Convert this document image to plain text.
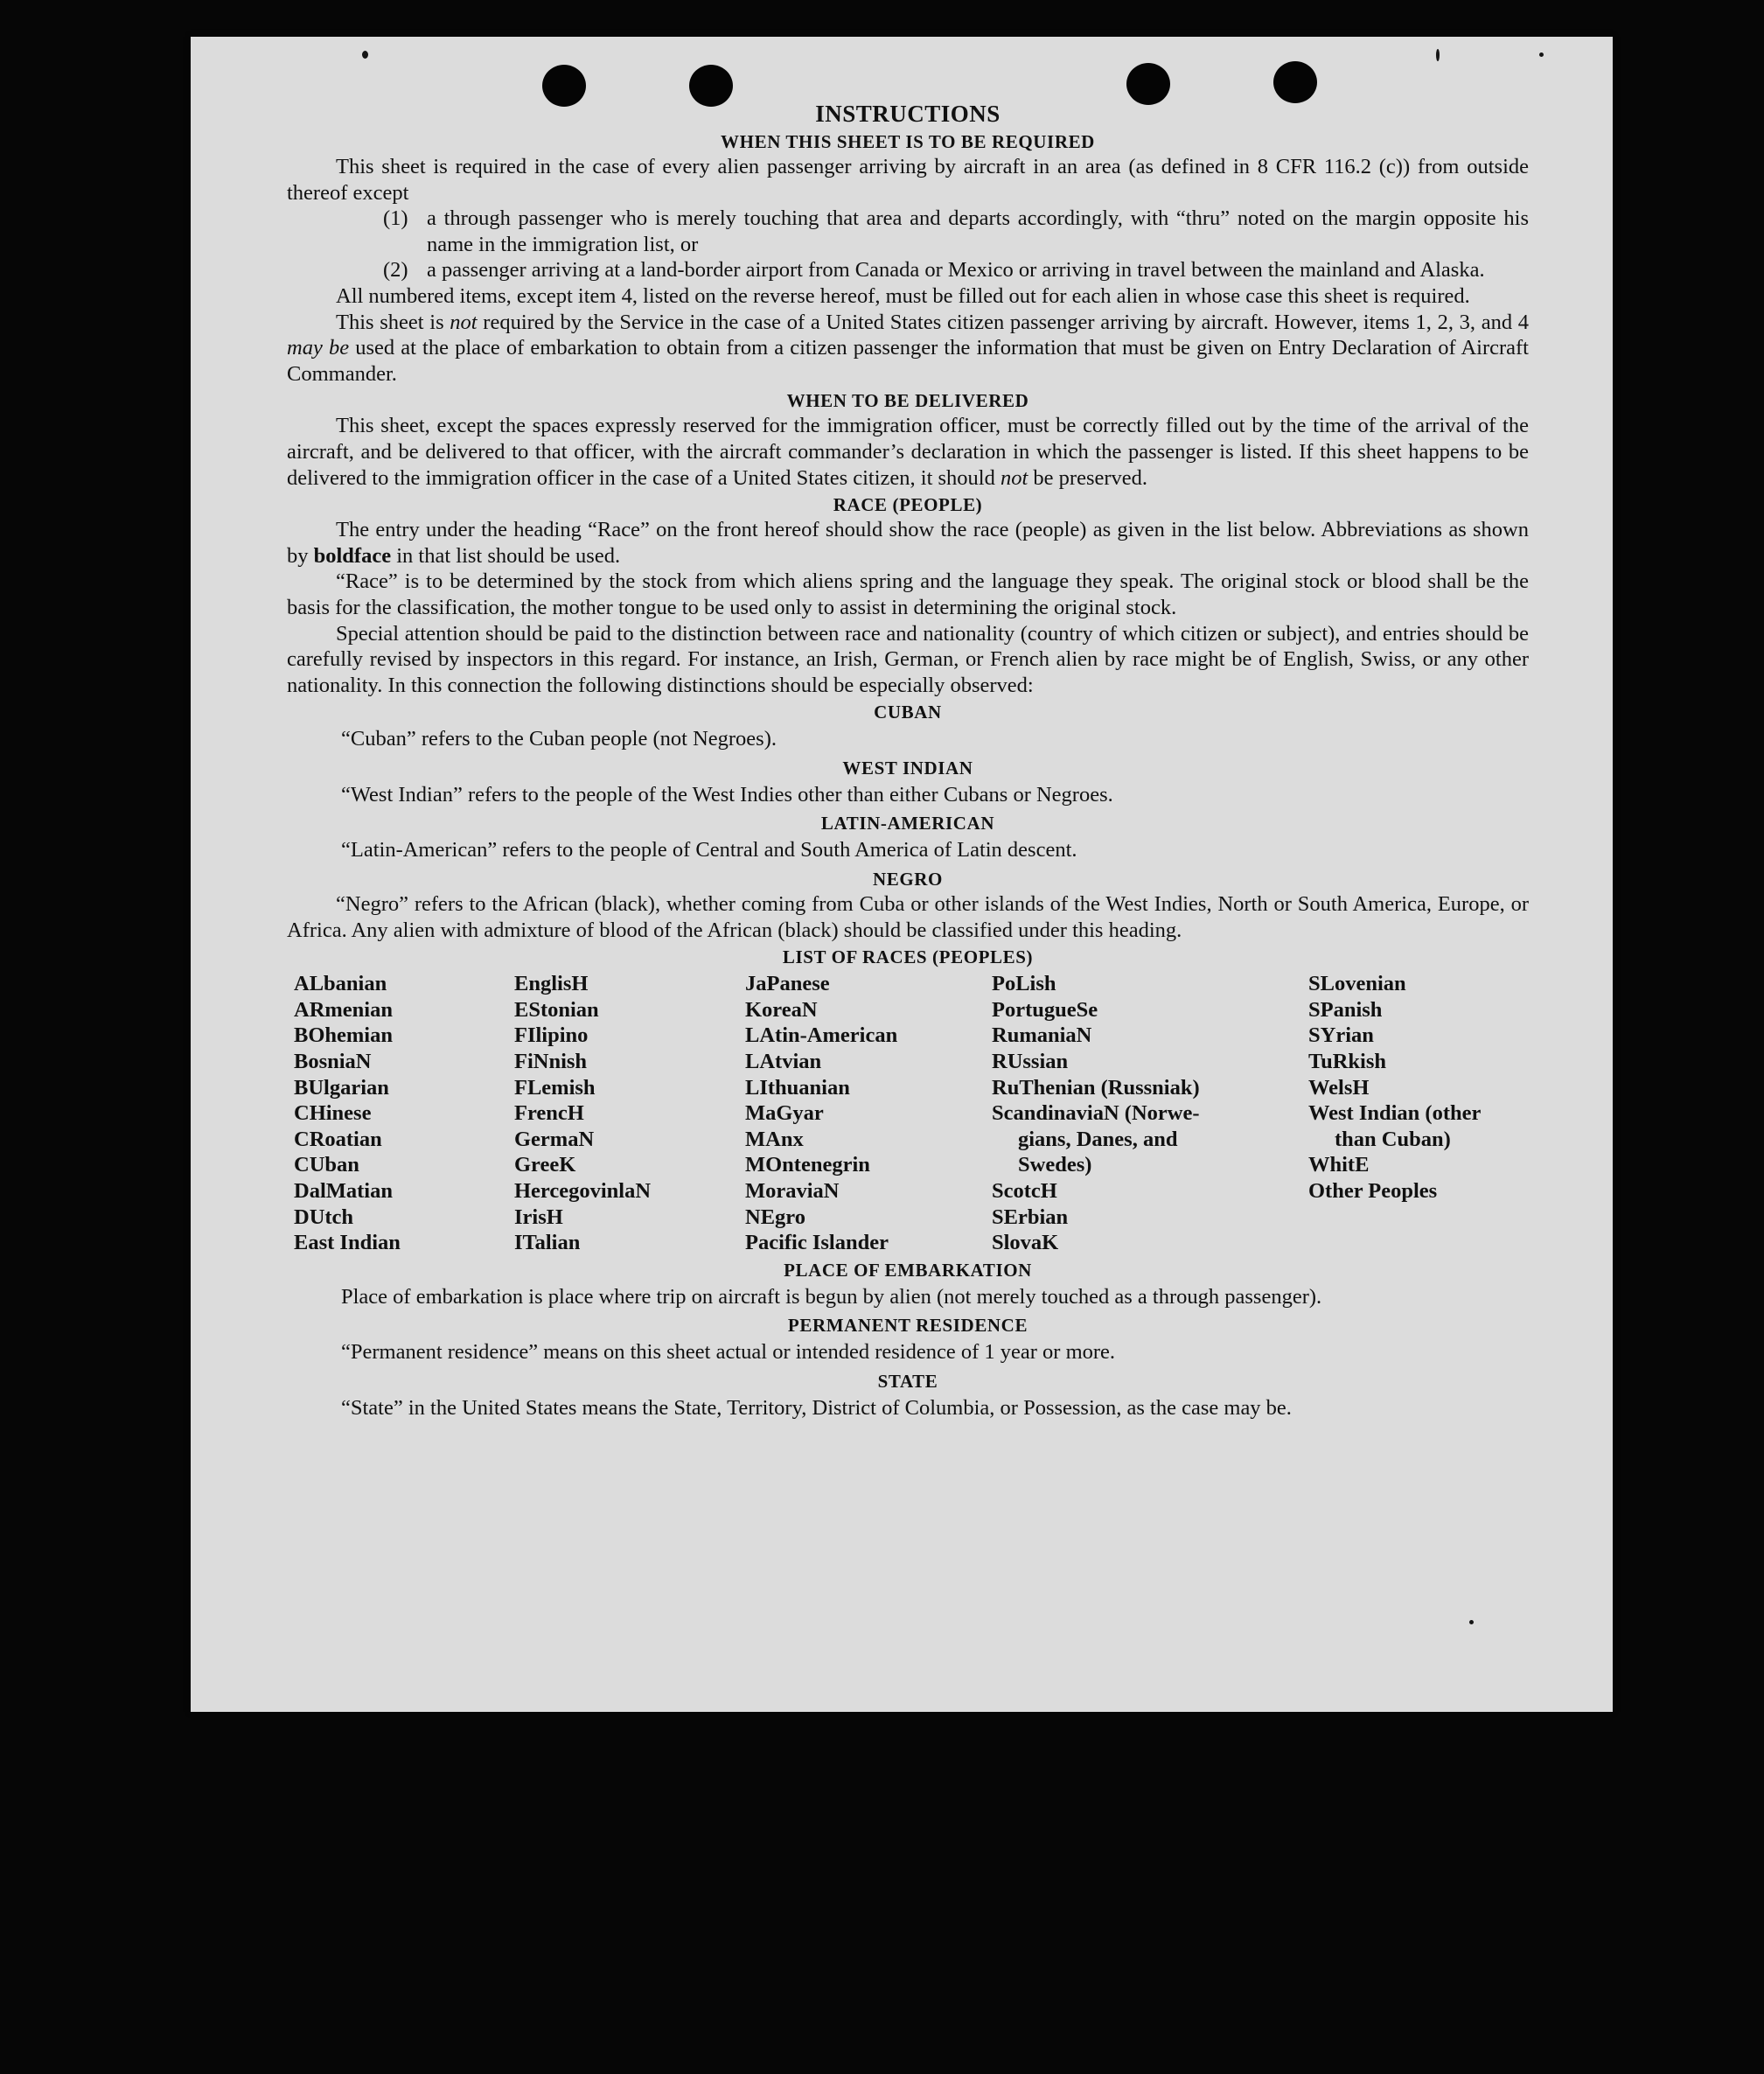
INSTRUCTIONS
WHEN THIS SHEET IS TO BE REQUIRED

This sheet is required in the case of every alien passenger arriving by aircraft in an area (as defined in 8 CFR 116.2 (c)) from outside thereof except

(1) a through passenger who is merely touching that area and departs accordingly, with “thru” noted on the margin opposite his name in the immigration list, or
(2) a passenger arriving at a land-border airport from Canada or Mexico or arriving in travel between the mainland and Alaska.

All numbered items, except item 4, listed on the reverse hereof, must be filled out for each alien in whose case this sheet is required.

This sheet is not required by the Service in the case of a United States citizen passenger arriving by aircraft. However, items 1, 2, 3, and 4 may be used at the place of embarkation to obtain from a citizen passenger the information that must be given on Entry Declaration of Aircraft Commander.

WHEN TO BE DELIVERED

This sheet, except the spaces expressly reserved for the immigration officer, must be correctly filled out by the time of the arrival of the aircraft, and be delivered to that officer, with the aircraft commander’s declaration in which the passenger is listed. If this sheet happens to be delivered to the immigration officer in the case of a United States citizen, it should not be preserved.

RACE (PEOPLE)

The entry under the heading “Race” on the front hereof should show the race (people) as given in the list below. Abbreviations as shown by boldface in that list should be used.

“Race” is to be determined by the stock from which aliens spring and the language they speak. The original stock or blood shall be the basis for the classification, the mother tongue to be used only to assist in determining the original stock.

Special attention should be paid to the distinction between race and nationality (country of which citizen or subject), and entries should be carefully revised by inspectors in this regard. For instance, an Irish, German, or French alien by race might be of English, Swiss, or any other nationality. In this connection the following distinctions should be especially observed:

CUBAN

“Cuban” refers to the Cuban people (not Negroes).

WEST INDIAN

“West Indian” refers to the people of the West Indies other than either Cubans or Negroes.

LATIN-AMERICAN

“Latin-American” refers to the people of Central and South America of Latin descent.

NEGRO

“Negro” refers to the African (black), whether coming from Cuba or other islands of the West Indies, North or South America, Europe, or Africa. Any alien with admixture of blood of the African (black) should be classified under this heading.

LIST OF RACES (PEOPLES)
ALbanian
ARmenian
BOhemian
BosniaN
BUlgarian
CHinese
CRoatian
CUban
DalMatian
DUtch
East Indian
EnglisH
EStonian
FIlipino
FiNnish
FLemish
FrencH
GermaN
GreeK
HercegovinlaN
IrisH
ITalian
JaPanese
KoreaN
LAtin-American
LAtvian
LIthuanian
MaGyar
MAnx
MOntenegrin
MoraviaN
NEgro
Pacific Islander
PoLish
PortugueSe
RumaniaN
RUssian
RuThenian (Russniak)
ScandinaviaN (Norwe-
gians, Danes, and
Swedes)
ScotcH
SErbian
SlovaK
SLovenian
SPanish
SYrian
TuRkish
WelsH
West Indian (other
than Cuban)
WhitE
Other Peoples
PLACE OF EMBARKATION

Place of embarkation is place where trip on aircraft is begun by alien (not merely touched as a through passenger).

PERMANENT RESIDENCE

“Permanent residence” means on this sheet actual or intended residence of 1 year or more.

STATE

“State” in the United States means the State, Territory, District of Columbia, or Possession, as the case may be.
